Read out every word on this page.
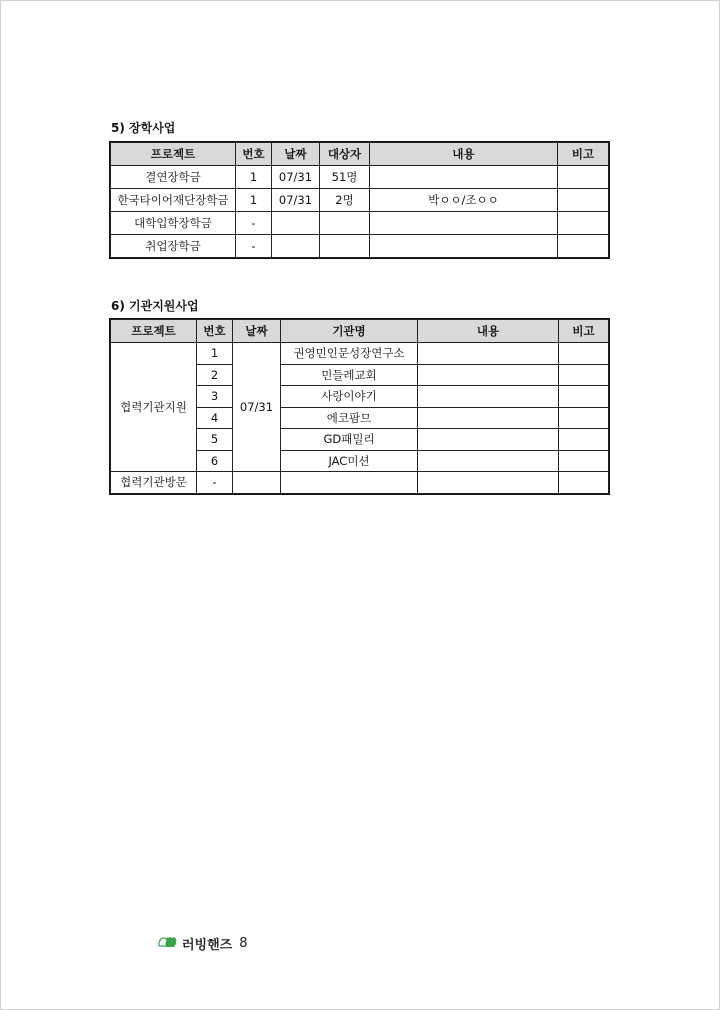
5) 장학사업
프로젝트	번호	날짜	대상자	내용	비고
결연장학금	1	07/31	51명		
한국타이어재단장학금	1	07/31	2명	박ㅇㅇ/조ㅇㅇ	
대학입학장학금	-				
취업장학금	-				
6) 기관지원사업
프로젝트	번호	날짜	기관명	내용	비고
협력기관지원	1	07/31	권영민인문성장연구소		
	2		민들레교회		
	3		사랑이야기		
	4		에코팜므		
	5		GD패밀리		
	6		JAC미션		
협력기관방문	-				
러빙핸즈 8
